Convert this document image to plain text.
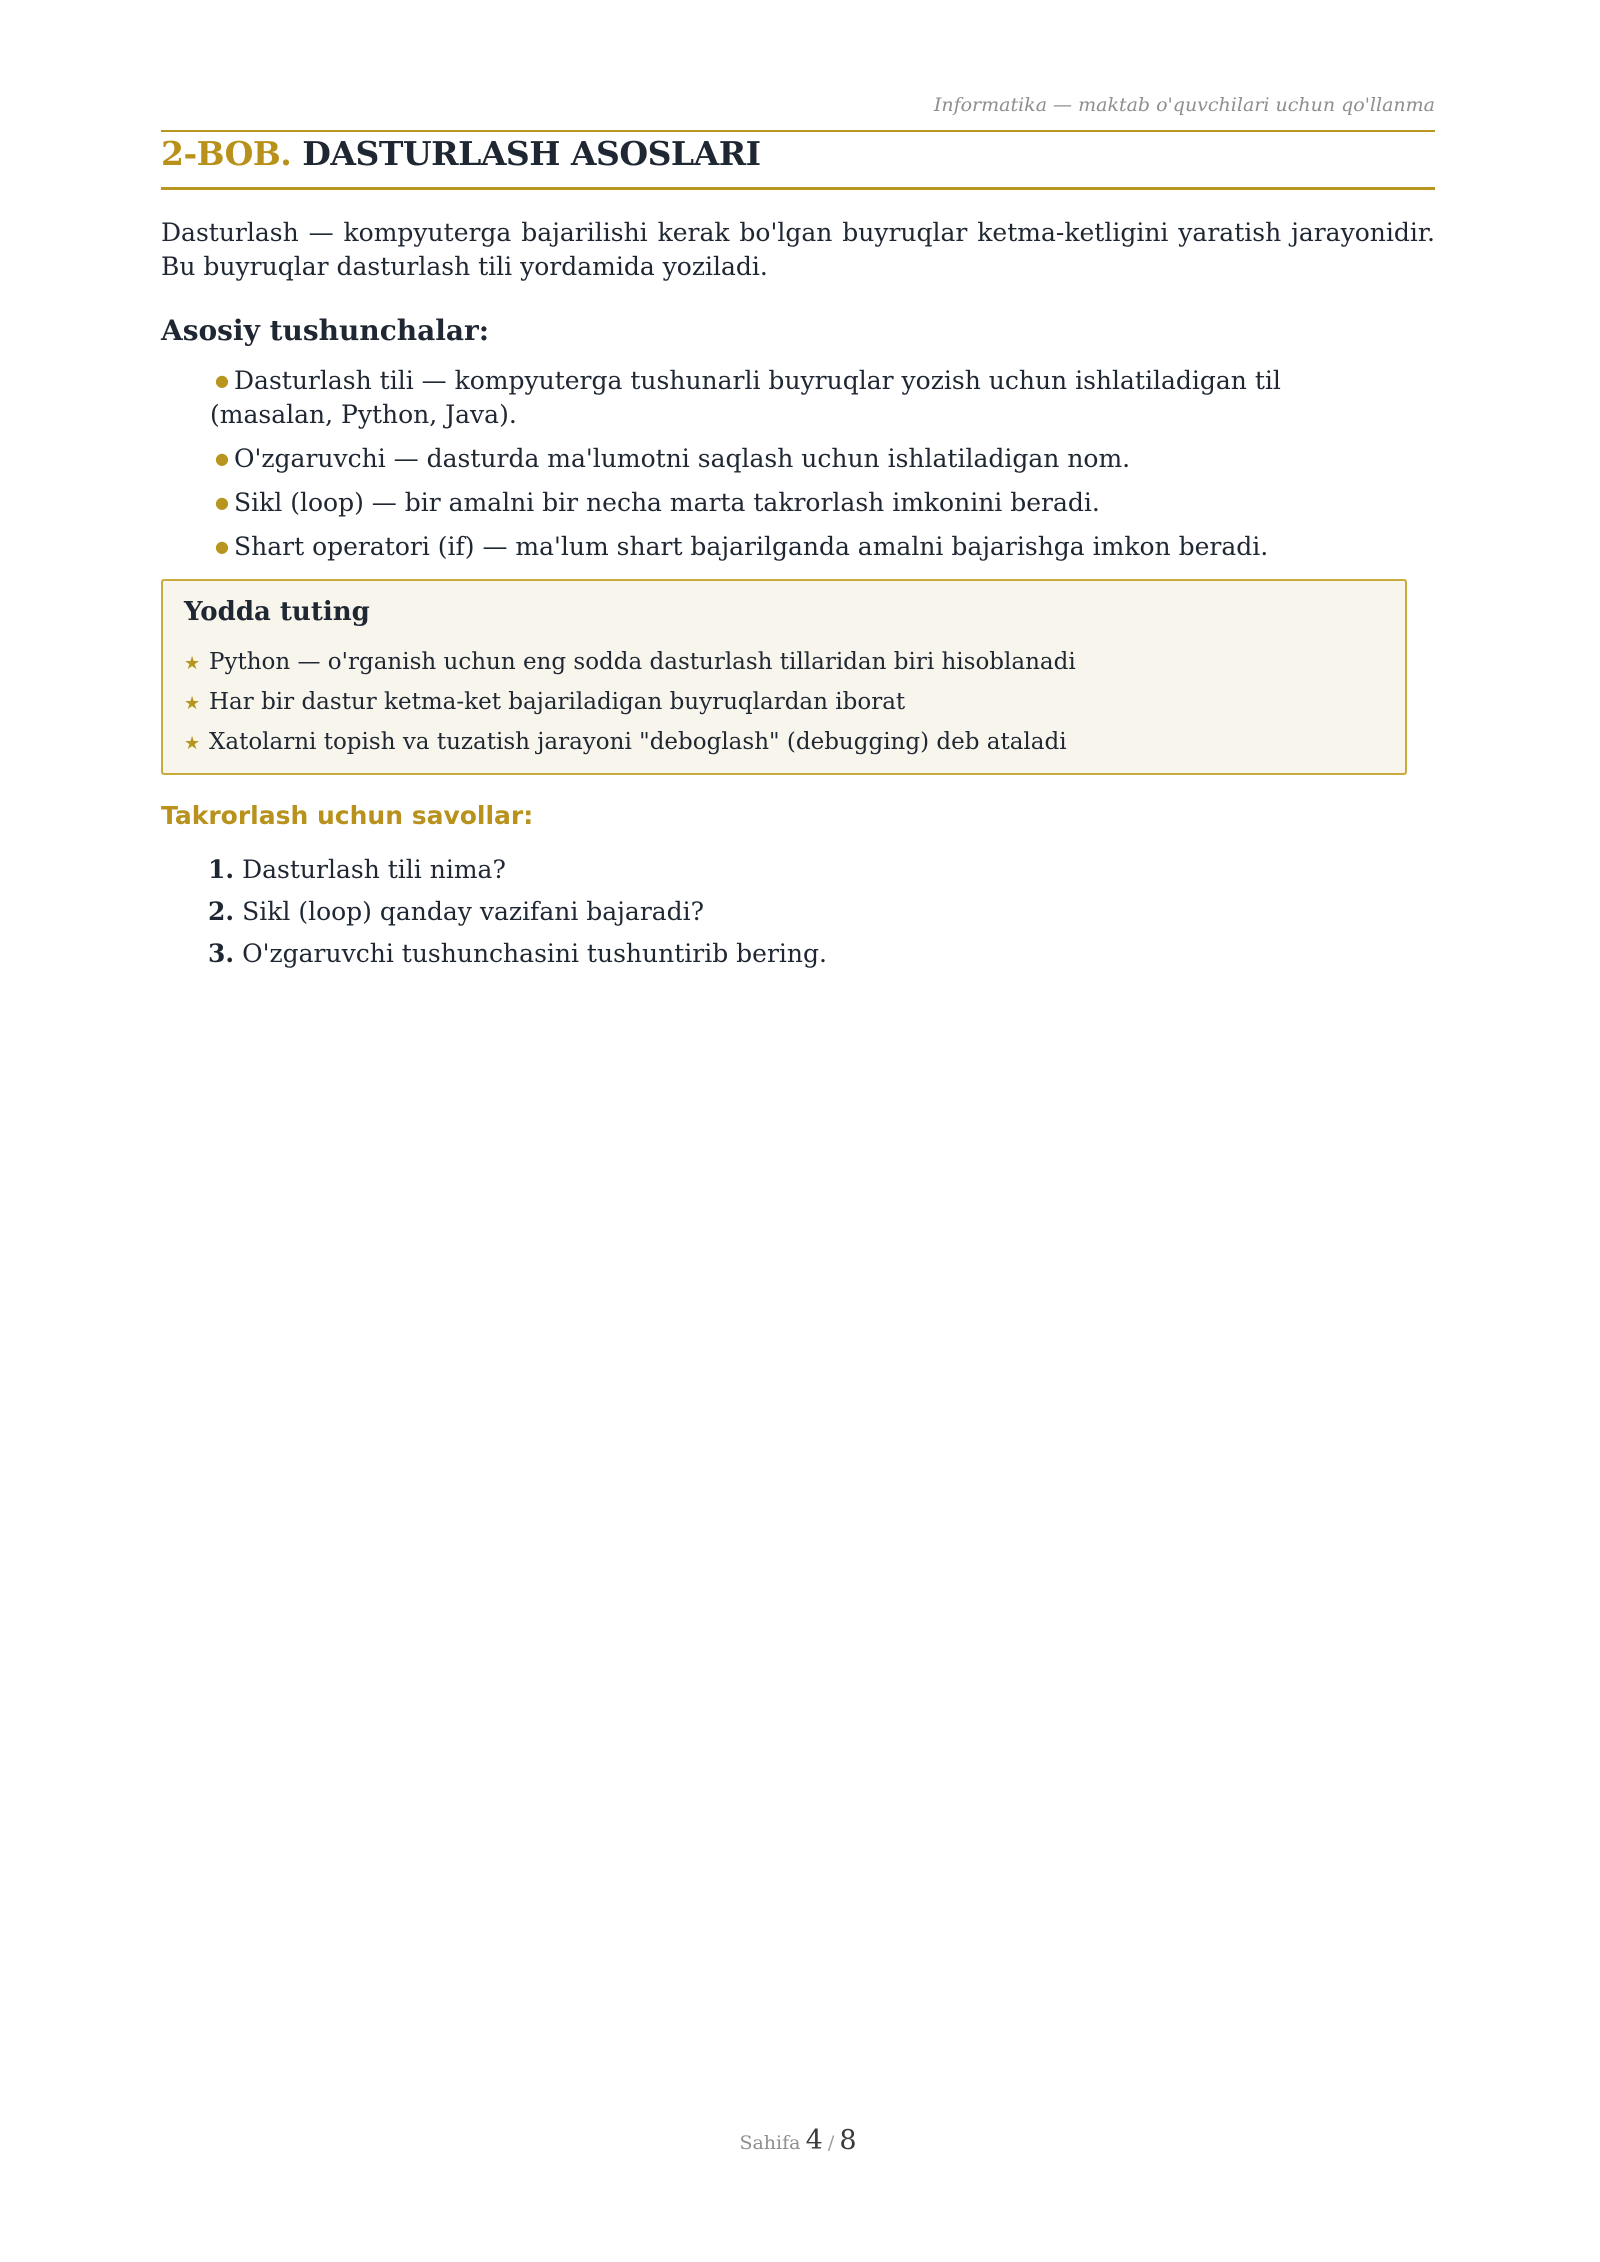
Informatika — maktab o'quvchilari uchun qo'llanma
2-BOB. DASTURLASH ASOSLARI

Dasturlash — kompyuterga bajarilishi kerak bo'lgan buyruqlar ketma-ketligini yaratish jarayonidir. Bu buyruqlar dasturlash tili yordamida yoziladi.

Asosiy tushunchalar:
● Dasturlash tili — kompyuterga tushunarli buyruqlar yozish uchun ishlatiladigan til (masalan, Python, Java).
● O'zgaruvchi — dasturda ma'lumotni saqlash uchun ishlatiladigan nom.
● Sikl (loop) — bir amalni bir necha marta takrorlash imkonini beradi.
● Shart operatori (if) — ma'lum shart bajarilganda amalni bajarishga imkon beradi.
Yodda tuting
★ Python — o'rganish uchun eng sodda dasturlash tillaridan biri hisoblanadi
★ Har bir dastur ketma-ket bajariladigan buyruqlardan iborat
★ Xatolarni topish va tuzatish jarayoni "deboglash" (debugging) deb ataladi
Takrorlash uchun savollar:
1. Dasturlash tili nima?
2. Sikl (loop) qanday vazifani bajaradi?
3. O'zgaruvchi tushunchasini tushuntirib bering.
Sahifa 4 / 8
